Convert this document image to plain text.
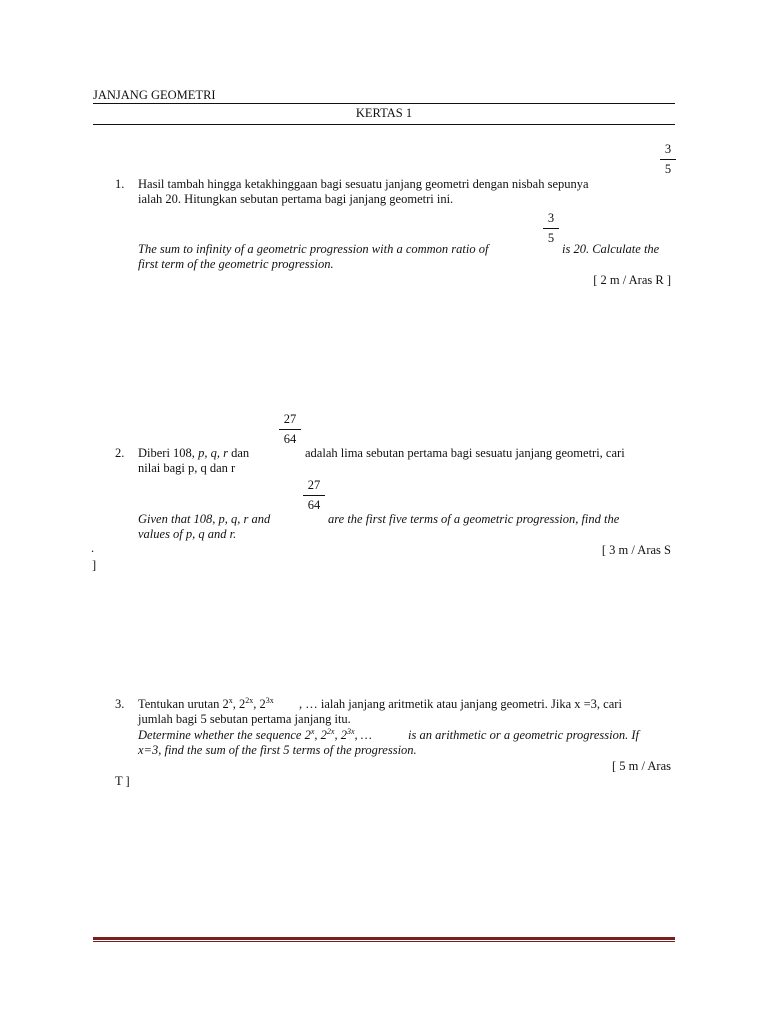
JANJANG GEOMETRI
KERTAS 1
3
5
1. Hasil tambah hingga ketakhinggaan bagi sesuatu janjang geometri dengan nisbah sepunya
ialah 20. Hitungkan sebutan pertama bagi janjang geometri ini.
3
5
The sum to infinity of a geometric progression with a common ratio of	is 20. Calculate the
first term of the geometric progression.
[ 2 m / Aras R ]
27
64
2. Diberi 108, p, q, r dan	adalah lima sebutan pertama bagi sesuatu janjang geometri, cari
nilai bagi p, q dan r
27
64
Given that 108, p, q, r and	are the first five terms of a geometric progression, find the
values of p, q and r.
.	[ 3 m / Aras S
]
3. Tentukan urutan 2$^x$, $2^{2x}$, $2^{3x}$ , … ialah janjang aritmetik atau janjang geometri. Jika x =3, cari
jumlah bagi 5 sebutan pertama janjang itu.
Determine whether the sequence 2$^x$, $2^{2x}$, $2^{3x}$, …	is an arithmetic or a geometric progression. If
x=3, find the sum of the first 5 terms of the progression.
[ 5 m / Aras
T ]
